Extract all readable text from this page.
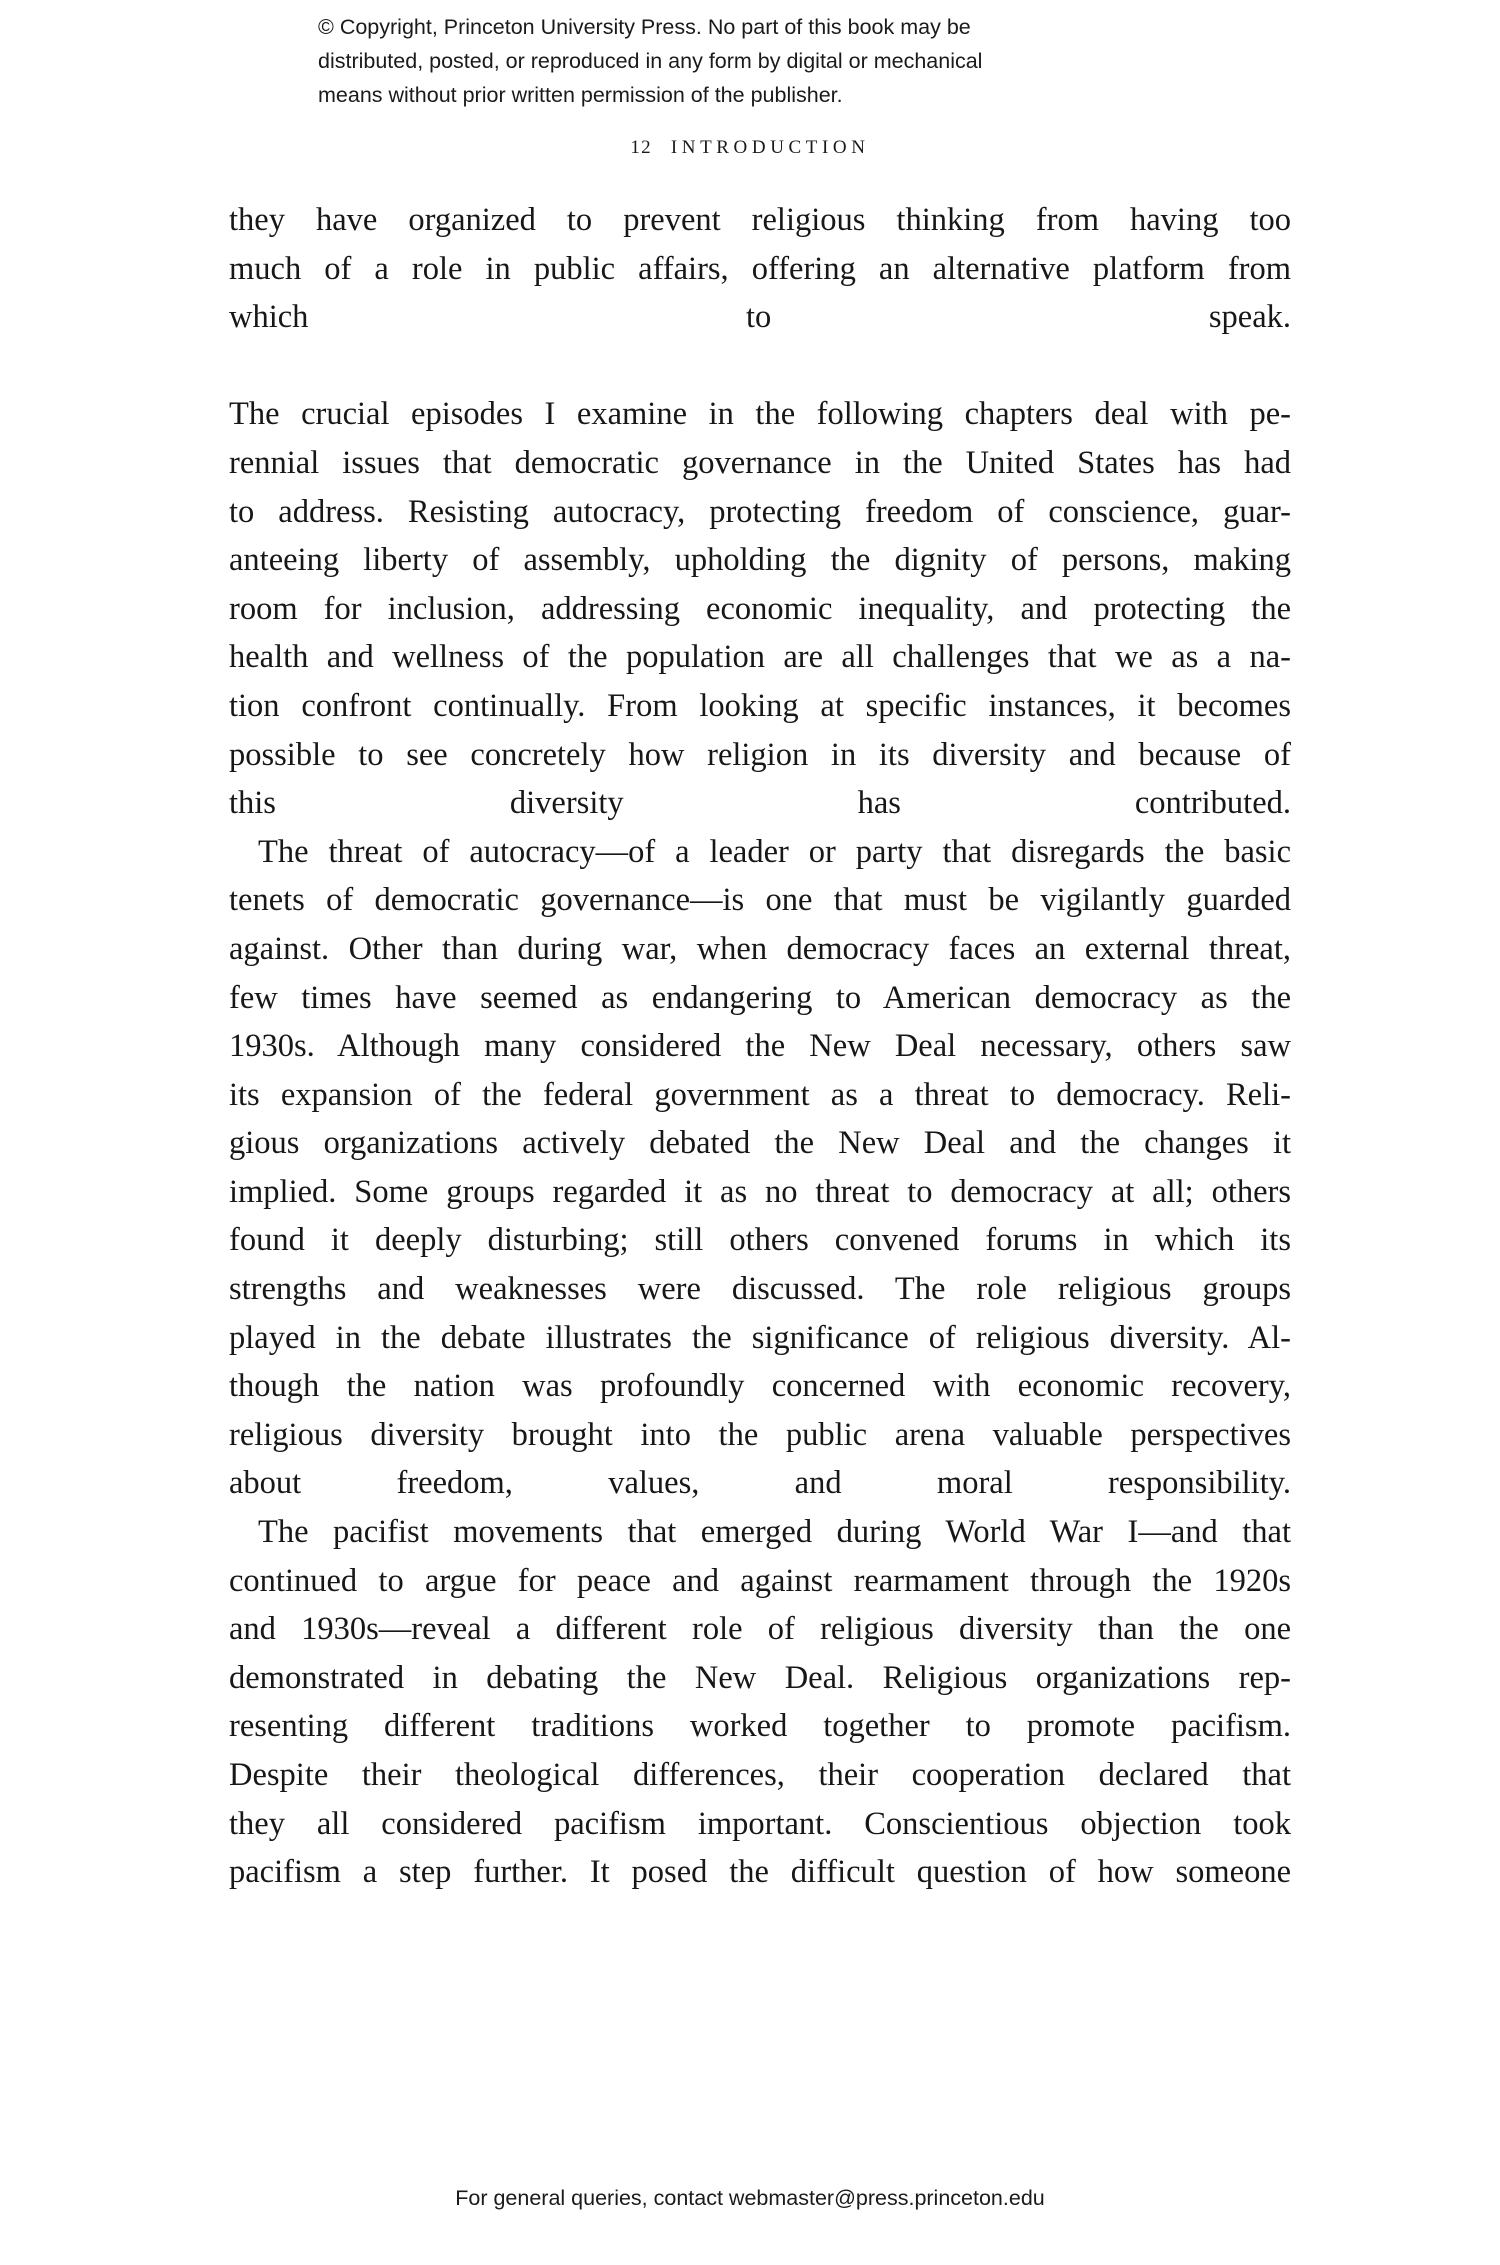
© Copyright, Princeton University Press. No part of this book may be
distributed, posted, or reproduced in any form by digital or mechanical
means without prior written permission of the publisher.
12 INTRODUCTION
they have organized to prevent religious thinking from having too
much of a role in public affairs, offering an alternative platform from
which to speak.
The crucial episodes I examine in the following chapters deal with pe-
rennial issues that democratic governance in the United States has had
to address. Resisting autocracy, protecting freedom of conscience, guar-
anteeing liberty of assembly, upholding the dignity of persons, making
room for inclusion, addressing economic inequality, and protecting the
health and wellness of the population are all challenges that we as a na-
tion confront continually. From looking at specific instances, it becomes
possible to see concretely how religion in its diversity and because of
this diversity has contributed.
The threat of autocracy—of a leader or party that disregards the basic
tenets of democratic governance—is one that must be vigilantly guarded
against. Other than during war, when democracy faces an external threat,
few times have seemed as endangering to American democracy as the
1930s. Although many considered the New Deal necessary, others saw
its expansion of the federal government as a threat to democracy. Reli-
gious organizations actively debated the New Deal and the changes it
implied. Some groups regarded it as no threat to democracy at all; others
found it deeply disturbing; still others convened forums in which its
strengths and weaknesses were discussed. The role religious groups
played in the debate illustrates the significance of religious diversity. Al-
though the nation was profoundly concerned with economic recovery,
religious diversity brought into the public arena valuable perspectives
about freedom, values, and moral responsibility.
The pacifist movements that emerged during World War I—and that
continued to argue for peace and against rearmament through the 1920s
and 1930s—reveal a different role of religious diversity than the one
demonstrated in debating the New Deal. Religious organizations rep-
resenting different traditions worked together to promote pacifism.
Despite their theological differences, their cooperation declared that
they all considered pacifism important. Conscientious objection took
pacifism a step further. It posed the difficult question of how someone
For general queries, contact webmaster@press.princeton.edu
